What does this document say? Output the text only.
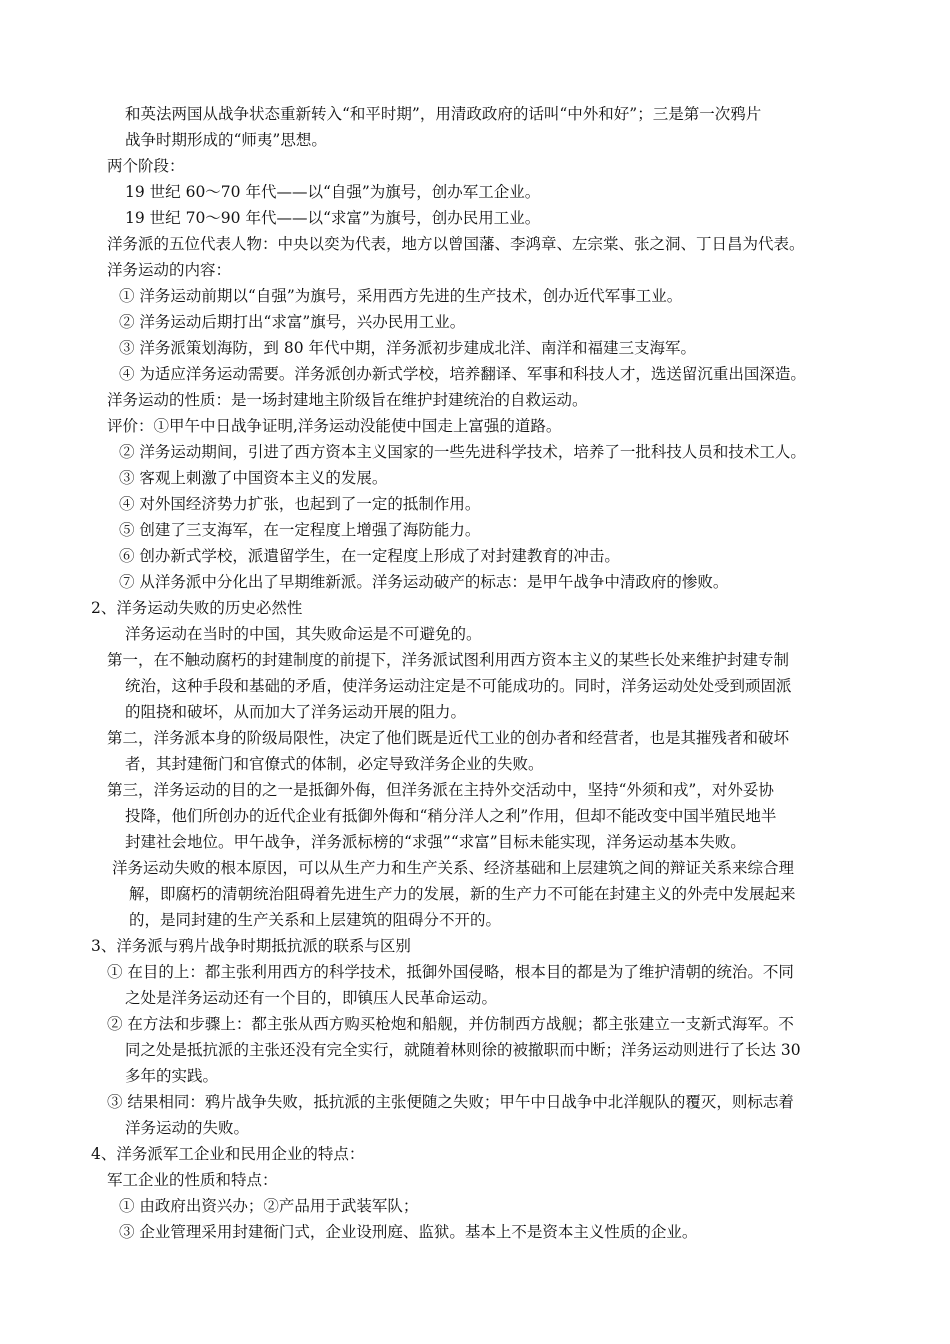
和英法两国从战争状态重新转入“和平时期”，用清政政府的话叫“中外和好”；三是第一次鸦片
战争时期形成的“师夷”思想。
两个阶段：
19 世纪 60～70 年代——以“自强”为旗号，创办军工企业。
19 世纪 70～90 年代——以“求富”为旗号，创办民用工业。
洋务派的五位代表人物：中央以奕为代表，地方以曾国藩、李鸿章、左宗棠、张之洞、丁日昌为代表。
洋务运动的内容：
① 洋务运动前期以“自强”为旗号，采用西方先进的生产技术，创办近代军事工业。
② 洋务运动后期打出“求富”旗号，兴办民用工业。
③ 洋务派策划海防，到 80 年代中期，洋务派初步建成北洋、南洋和福建三支海军。
④ 为适应洋务运动需要。洋务派创办新式学校，培养翻译、军事和科技人才，选送留沉重出国深造。
洋务运动的性质：是一场封建地主阶级旨在维护封建统治的自救运动。
评价：①甲午中日战争证明,洋务运动没能使中国走上富强的道路。
② 洋务运动期间，引进了西方资本主义国家的一些先进科学技术，培养了一批科技人员和技术工人。
③ 客观上刺激了中国资本主义的发展。
④ 对外国经济势力扩张，也起到了一定的抵制作用。
⑤ 创建了三支海军，在一定程度上增强了海防能力。
⑥ 创办新式学校，派遣留学生，在一定程度上形成了对封建教育的冲击。
⑦ 从洋务派中分化出了早期维新派。洋务运动破产的标志：是甲午战争中清政府的惨败。
2、洋务运动失败的历史必然性
洋务运动在当时的中国，其失败命运是不可避免的。
第一，在不触动腐朽的封建制度的前提下，洋务派试图利用西方资本主义的某些长处来维护封建专制
统治，这种手段和基础的矛盾，使洋务运动注定是不可能成功的。同时，洋务运动处处受到顽固派
的阻挠和破坏，从而加大了洋务运动开展的阻力。
第二，洋务派本身的阶级局限性，决定了他们既是近代工业的创办者和经营者，也是其摧残者和破坏
者，其封建衙门和官僚式的体制，必定导致洋务企业的失败。
第三，洋务运动的目的之一是抵御外侮，但洋务派在主持外交活动中，坚持“外须和戎”，对外妥协
投降，他们所创办的近代企业有抵御外侮和“稍分洋人之利”作用，但却不能改变中国半殖民地半
封建社会地位。甲午战争，洋务派标榜的“求强”“求富”目标未能实现，洋务运动基本失败。
洋务运动失败的根本原因，可以从生产力和生产关系、经济基础和上层建筑之间的辩证关系来综合理
解，即腐朽的清朝统治阻碍着先进生产力的发展，新的生产力不可能在封建主义的外壳中发展起来
的，是同封建的生产关系和上层建筑的阻碍分不开的。
3、洋务派与鸦片战争时期抵抗派的联系与区别
① 在目的上：都主张利用西方的科学技术，抵御外国侵略，根本目的都是为了维护清朝的统治。不同
之处是洋务运动还有一个目的，即镇压人民革命运动。
② 在方法和步骤上：都主张从西方购买枪炮和船舰，并仿制西方战舰；都主张建立一支新式海军。不
同之处是抵抗派的主张还没有完全实行，就随着林则徐的被撤职而中断；洋务运动则进行了长达 30
多年的实践。
③ 结果相同：鸦片战争失败，抵抗派的主张便随之失败；甲午中日战争中北洋舰队的覆灭，则标志着
洋务运动的失败。
4、洋务派军工企业和民用企业的特点：
军工企业的性质和特点：
① 由政府出资兴办；②产品用于武装军队；
③ 企业管理采用封建衙门式，企业设刑庭、监狱。基本上不是资本主义性质的企业。
